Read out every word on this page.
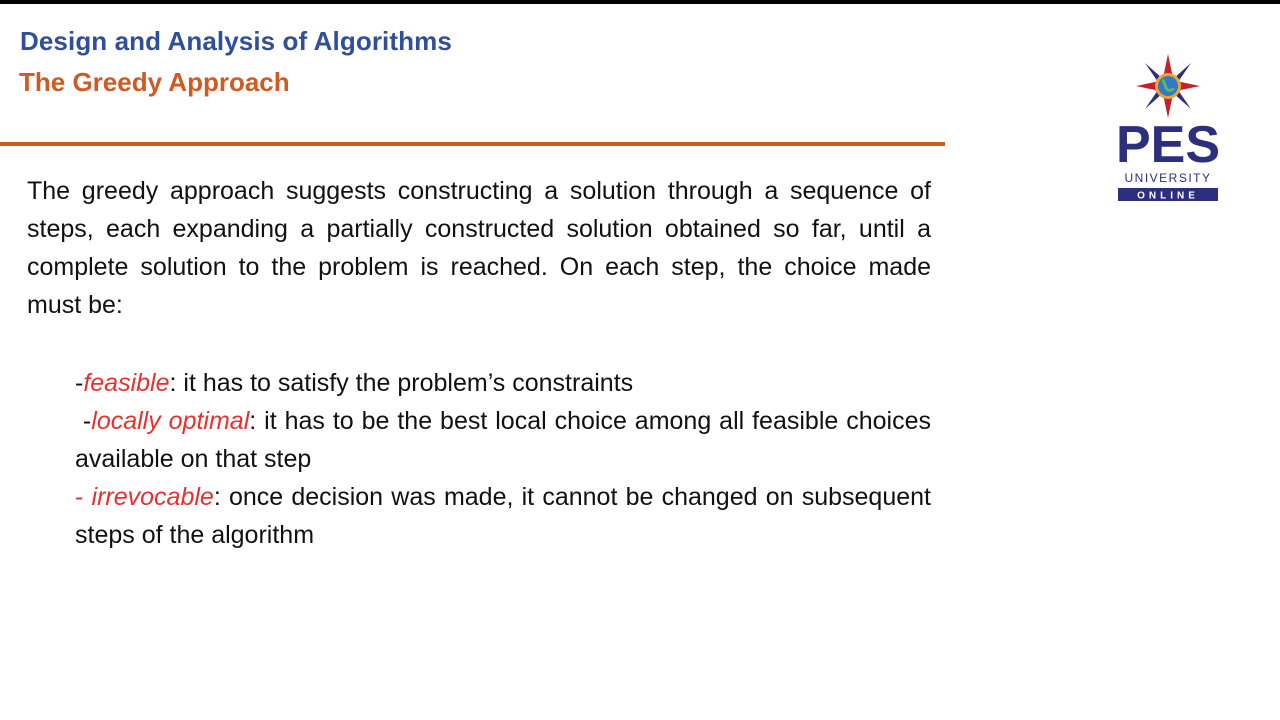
Design and Analysis of Algorithms
The Greedy Approach
PES
UNIVERSITY
ONLINE

The greedy approach suggests constructing a solution through a sequence of steps, each expanding a partially constructed solution obtained so far, until a complete solution to the problem is reached. On each step, the choice made must be:

-feasible: it has to satisfy the problem’s constraints

-locally optimal: it has to be the best local choice among all feasible choices available on that step

- irrevocable: once decision was made, it cannot be changed on subsequent steps of the algorithm
